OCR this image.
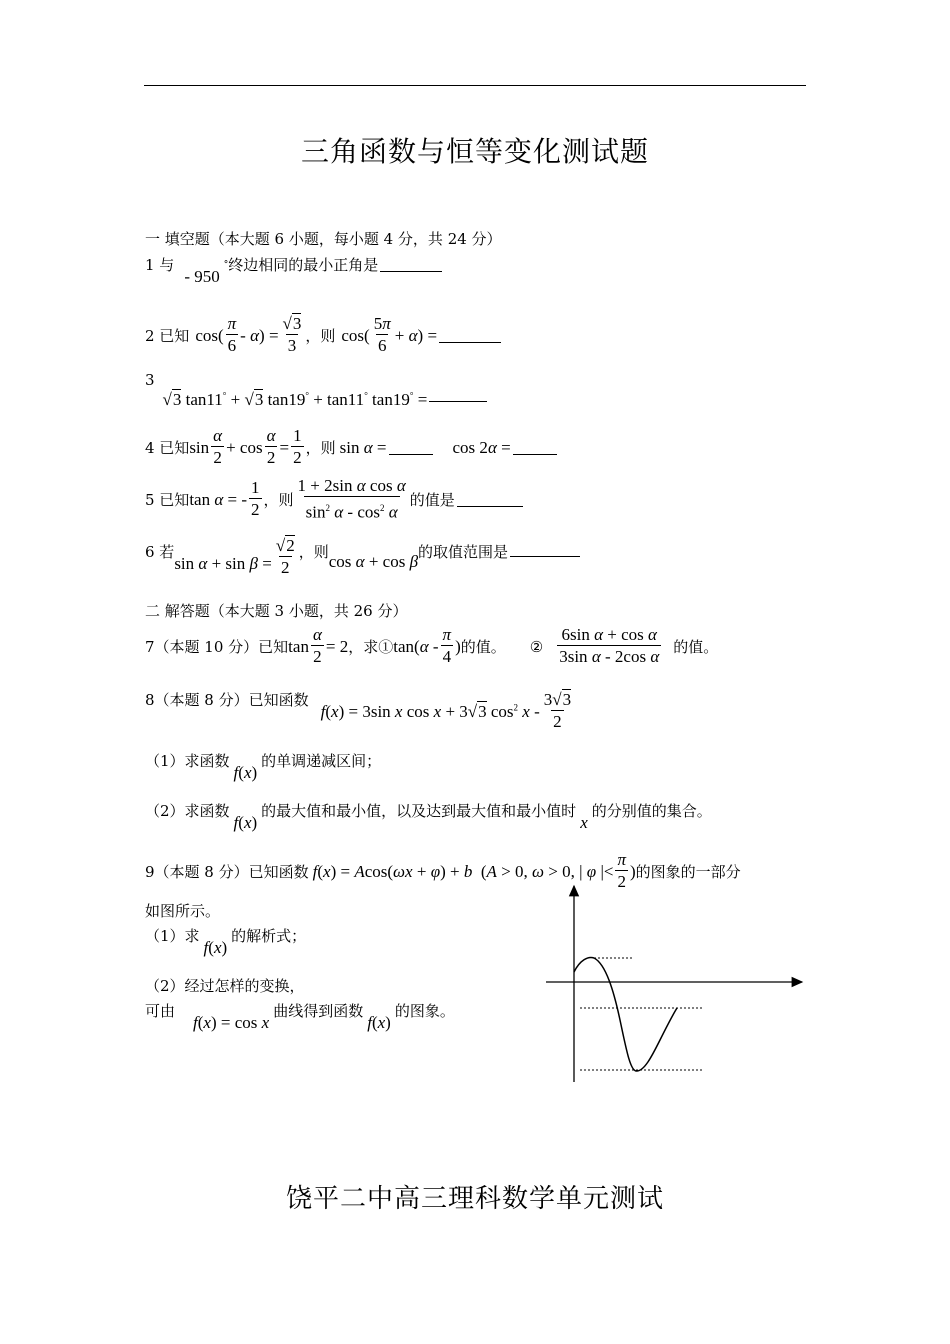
三角函数与恒等变化测试题
一 填空题（本大题 6 小题，每小题 4 分，共 24 分）
1 与
- 950
° 终边相同的最小正角是
2 已知 $\cos( \frac{\pi}{6} - \alpha) = \frac{√3}{3}$ ，则 $\cos( \frac{5\pi}{6} + \alpha)$ =
3
√3 tan11° + √3 tan19° + tan11° tan19° =
4 已知 $\sin \frac{\alpha}{2} + \cos \frac{\alpha}{2} = \frac{1}{2}$ ，则 sin α =	cos 2α =
5 已知 tan α = - $\frac{1}{2}$ ，则 $\frac{\text{1 + 2sin α cos α}}{\sin^2 \alpha - \cos^2 \alpha}$ 的值是
6 若
$\sin \alpha + \sin \beta = \frac{√2}{2}$ ，则 cos α + cos β 的取值范围是
二 解答题（本大题 3 小题，共 26 分）
7（本题 10 分）已知 $\tan \frac{\alpha}{2} = 2$ ，求① $\tan(\alpha - \frac{\pi}{4}$ ) 的值。 ② $\frac{\text{6sin α + cos α}}{\text{3sin α - 2cos α}}$ 的值。
8（本题 8 分）已知函数
f(x) = 3sin x cos x + 3√3 $\cos^2 x - \frac{3√3}{2}$
（1）求函数
f(x)
的单调递减区间；
（2）求函数
f(x)
的最大值和最小值，以及达到最大值和最小值时
x
的分别值的集合。
9（本题 8 分）已知函数 f(x) = Acos(ωx + φ) + b  (A > 0, ω > 0, | φ |< $\frac{\pi}{2}$ ) 的图象的一部分
如图所示。
（1）求
f(x)
的解析式；
（2）经过怎样的变换，
可由
f(x) = cos x
曲线得到函数
f(x)
的图象。
饶平二中高三理科数学单元测试
